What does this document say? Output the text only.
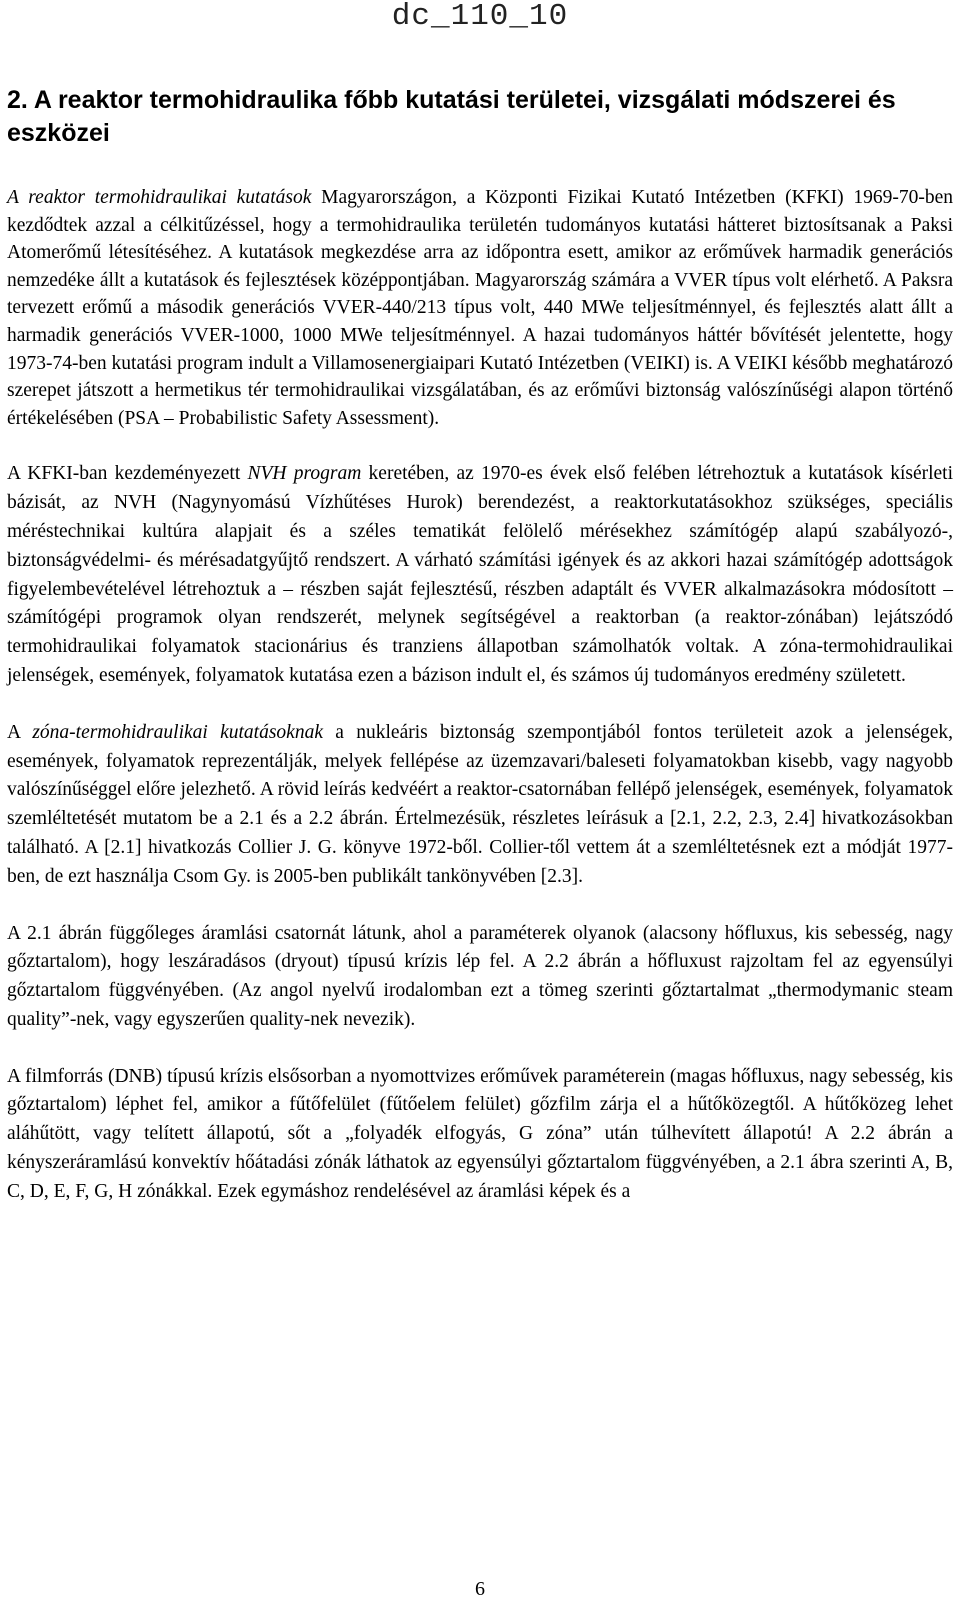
dc_110_10
2. A reaktor termohidraulika főbb kutatási területei, vizsgálati módszerei és eszközei

A reaktor termohidraulikai kutatások Magyarországon, a Központi Fizikai Kutató Intézetben (KFKI) 1969-70-ben kezdődtek azzal a célkitűzéssel, hogy a termohidraulika területén tudományos kutatási hátteret biztosítsanak a Paksi Atomerőmű létesítéséhez. A kutatások megkezdése arra az időpontra esett, amikor az erőművek harmadik generációs nemzedéke állt a kutatások és fejlesztések középpontjában. Magyarország számára a VVER típus volt elérhető. A Paksra tervezett erőmű a második generációs VVER-440/213 típus volt, 440 MWe teljesítménnyel, és fejlesztés alatt állt a harmadik generációs VVER-1000, 1000 MWe teljesítménnyel. A hazai tudományos háttér bővítését jelentette, hogy 1973-74-ben kutatási program indult a Villamosenergiaipari Kutató Intézetben (VEIKI) is. A VEIKI később meghatározó szerepet játszott a hermetikus tér termohidraulikai vizsgálatában, és az erőművi biztonság valószínűségi alapon történő értékelésében (PSA – Probabilistic Safety Assessment).

A KFKI-ban kezdeményezett NVH program keretében, az 1970-es évek első felében létrehoztuk a kutatások kísérleti bázisát, az NVH (Nagynyomású Vízhűtéses Hurok) berendezést, a reaktorkutatásokhoz szükséges, speciális méréstechnikai kultúra alapjait és a széles tematikát felölelő mérésekhez számítógép alapú szabályozó-, biztonságvédelmi- és mérésadatgyűjtő rendszert. A várható számítási igények és az akkori hazai számítógép adottságok figyelembevételével létrehoztuk a – részben saját fejlesztésű, részben adaptált és VVER alkalmazásokra módosított – számítógépi programok olyan rendszerét, melynek segítségével a reaktorban (a reaktor-zónában) lejátszódó termohidraulikai folyamatok stacionárius és tranziens állapotban számolhatók voltak. A zóna-termohidraulikai jelenségek, események, folyamatok kutatása ezen a bázison indult el, és számos új tudományos eredmény született.

A zóna-termohidraulikai kutatásoknak a nukleáris biztonság szempontjából fontos területeit azok a jelenségek, események, folyamatok reprezentálják, melyek fellépése az üzemzavari/baleseti folyamatokban kisebb, vagy nagyobb valószínűséggel előre jelezhető. A rövid leírás kedvéért a reaktor-csatornában fellépő jelenségek, események, folyamatok szemléltetését mutatom be a 2.1 és a 2.2 ábrán. Értelmezésük, részletes leírásuk a [2.1, 2.2, 2.3, 2.4] hivatkozásokban található. A [2.1] hivatkozás Collier J. G. könyve 1972-ből. Collier-től vettem át a szemléltetésnek ezt a módját 1977-ben, de ezt használja Csom Gy. is 2005-ben publikált tankönyvében [2.3].

A 2.1 ábrán függőleges áramlási csatornát látunk, ahol a paraméterek olyanok (alacsony hőfluxus, kis sebesség, nagy gőztartalom), hogy leszáradásos (dryout) típusú krízis lép fel. A 2.2 ábrán a hőfluxust rajzoltam fel az egyensúlyi gőztartalom függvényében. (Az angol nyelvű irodalomban ezt a tömeg szerinti gőztartalmat „thermodymanic steam quality”-nek, vagy egyszerűen quality-nek nevezik).

A filmforrás (DNB) típusú krízis elsősorban a nyomottvizes erőművek paraméterein (magas hőfluxus, nagy sebesség, kis gőztartalom) léphet fel, amikor a fűtőfelület (fűtőelem felület) gőzfilm zárja el a hűtőközegtől. A hűtőközeg lehet aláhűtött, vagy telített állapotú, sőt a „folyadék elfogyás, G zóna” után túlhevített állapotú! A 2.2 ábrán a kényszeráramlású konvektív hőátadási zónák láthatok az egyensúlyi gőztartalom függvényében, a 2.1 ábra szerinti A, B, C, D, E, F, G, H zónákkal. Ezek egymáshoz rendelésével az áramlási képek és a

6
